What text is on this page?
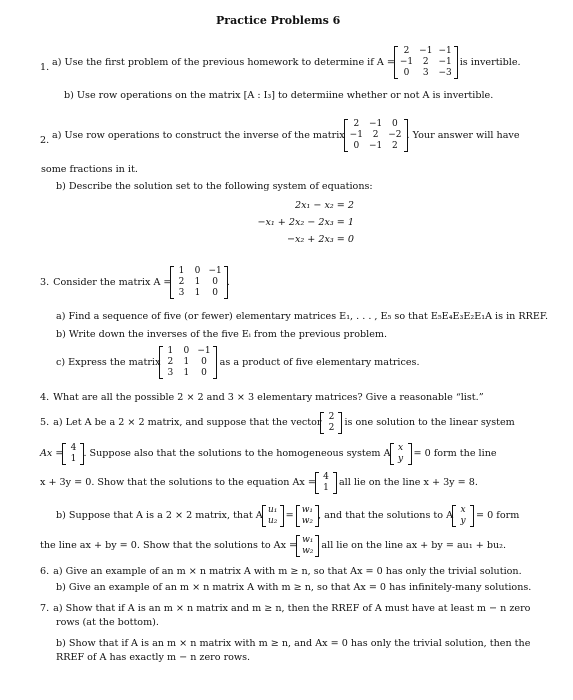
Practice Problems 6
1. a) Use the first problem of the previous homework to determine if A =
2	−1	−1
−1	2	−1
0	3	−3
is invertible.
b) Use row operations on the matrix [A : I₃] to determiine whether or not A is invertible.
2. a) Use row operations to construct the inverse of the matrix
2	−1	0
−1	2	−2
0	−1	2
. Your answer will have
some fractions in it.
b) Describe the solution set to the following system of equations:
2x₁ − x₂ = 2
−x₁ + 2x₂ − 2x₃ = 1
−x₂ + 2x₃ = 0
3. Consider the matrix A =
1	0	−1
2	1	0
3	1	0
.
a) Find a sequence of five (or fewer) elementary matrices E₁, . . . , E₅ so that E₅E₄E₃E₂E₁A is in RREF.
b) Write down the inverses of the five Eᵢ from the previous problem.
c) Express the matrix
1	0	−1
2	1	0
3	1	0
as a product of five elementary matrices.
4. What are all the possible 2 × 2 and 3 × 3 elementary matrices? Give a reasonable “list.”
5. a) Let A be a 2 × 2 matrix, and suppose that the vector 2
2 is one solution to the linear system
Ax = 4
1 . Suppose also that the solutions to the homogeneous system A x
y = 0 form the line
x + 3y = 0. Show that the solutions to the equation Ax = 4
1 all lie on the line x + 3y = 8.
b) Suppose that A is a 2 × 2 matrix, that A u₁
u₂ = w₁
w₂ , and that the solutions to A x
y = 0 form
the line ax + by = 0. Show that the solutions to Ax = w₁
w₂ all lie on the line ax + by = au₁ + bu₂.
6. a) Give an example of an m × n matrix A with m ≥ n, so that Ax = 0 has only the trivial solution.
b) Give an example of an m × n matrix A with m ≥ n, so that Ax = 0 has infinitely-many solutions.
7. a) Show that if A is an m × n matrix and m ≥ n, then the RREF of A must have at least m − n zero
rows (at the bottom).
b) Show that if A is an m × n matrix with m ≥ n, and Ax = 0 has only the trivial solution, then the
RREF of A has exactly m − n zero rows.
